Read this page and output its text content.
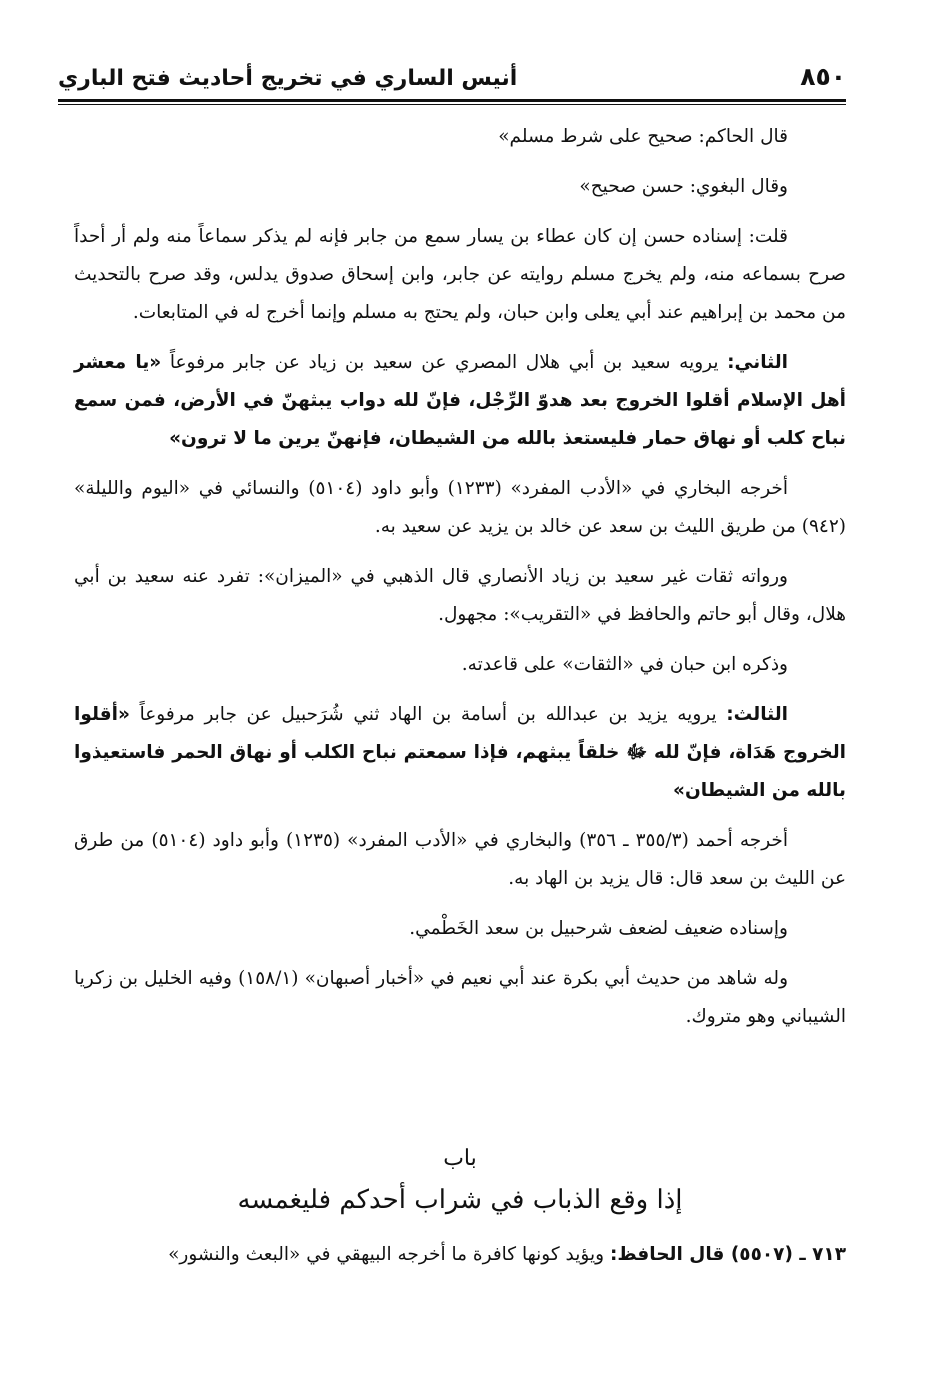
٨٥٠
أنيس الساري في تخريج أحاديث فتح الباري

قال الحاكم: صحيح على شرط مسلم»

وقال البغوي: حسن صحيح»

قلت: إسناده حسن إن كان عطاء بن يسار سمع من جابر فإنه لم يذكر سماعاً منه ولم أر أحداً صرح بسماعه منه، ولم يخرج مسلم روايته عن جابر، وابن إسحاق صدوق يدلس، وقد صرح بالتحديث من محمد بن إبراهيم عند أبي يعلى وابن حبان، ولم يحتج به مسلم وإنما أخرج له في المتابعات.

الثاني: يرويه سعيد بن أبي هلال المصري عن سعيد بن زياد عن جابر مرفوعاً «يا معشر أهل الإسلام أقلوا الخروج بعد هدوّ الرِّجْل، فإنّ لله دواب يبثهنّ في الأرض، فمن سمع نباح كلب أو نهاق حمار فليستعذ بالله من الشيطان، فإنهنّ يرين ما لا ترون»

أخرجه البخاري في «الأدب المفرد» (١٢٣٣) وأبو داود (٥١٠٤) والنسائي في «اليوم والليلة» (٩٤٢) من طريق الليث بن سعد عن خالد بن يزيد عن سعيد به.

ورواته ثقات غير سعيد بن زياد الأنصاري قال الذهبي في «الميزان»: تفرد عنه سعيد بن أبي هلال، وقال أبو حاتم والحافظ في «التقريب»: مجهول.

وذكره ابن حبان في «الثقات» على قاعدته.

الثالث: يرويه يزيد بن عبدالله بن أسامة بن الهاد ثني شُرَحبيل عن جابر مرفوعاً «أقلوا الخروج هَدَاة، فإنّ لله ﷻ خلقاً يبثهم، فإذا سمعتم نباح الكلب أو نهاق الحمر فاستعيذوا بالله من الشيطان»

أخرجه أحمد (٣٥٥/٣ ـ ٣٥٦) والبخاري في «الأدب المفرد» (١٢٣٥) وأبو داود (٥١٠٤) من طرق عن الليث بن سعد قال: قال يزيد بن الهاد به.

وإسناده ضعيف لضعف شرحبيل بن سعد الخَطْمي.

وله شاهد من حديث أبي بكرة عند أبي نعيم في «أخبار أصبهان» (١٥٨/١) وفيه الخليل بن زكريا الشيباني وهو متروك.

باب
إذا وقع الذباب في شراب أحدكم فليغمسه
٧١٣ ـ (٥٥٠٧) قال الحافظ: ويؤيد كونها كافرة ما أخرجه البيهقي في «البعث والنشور»
